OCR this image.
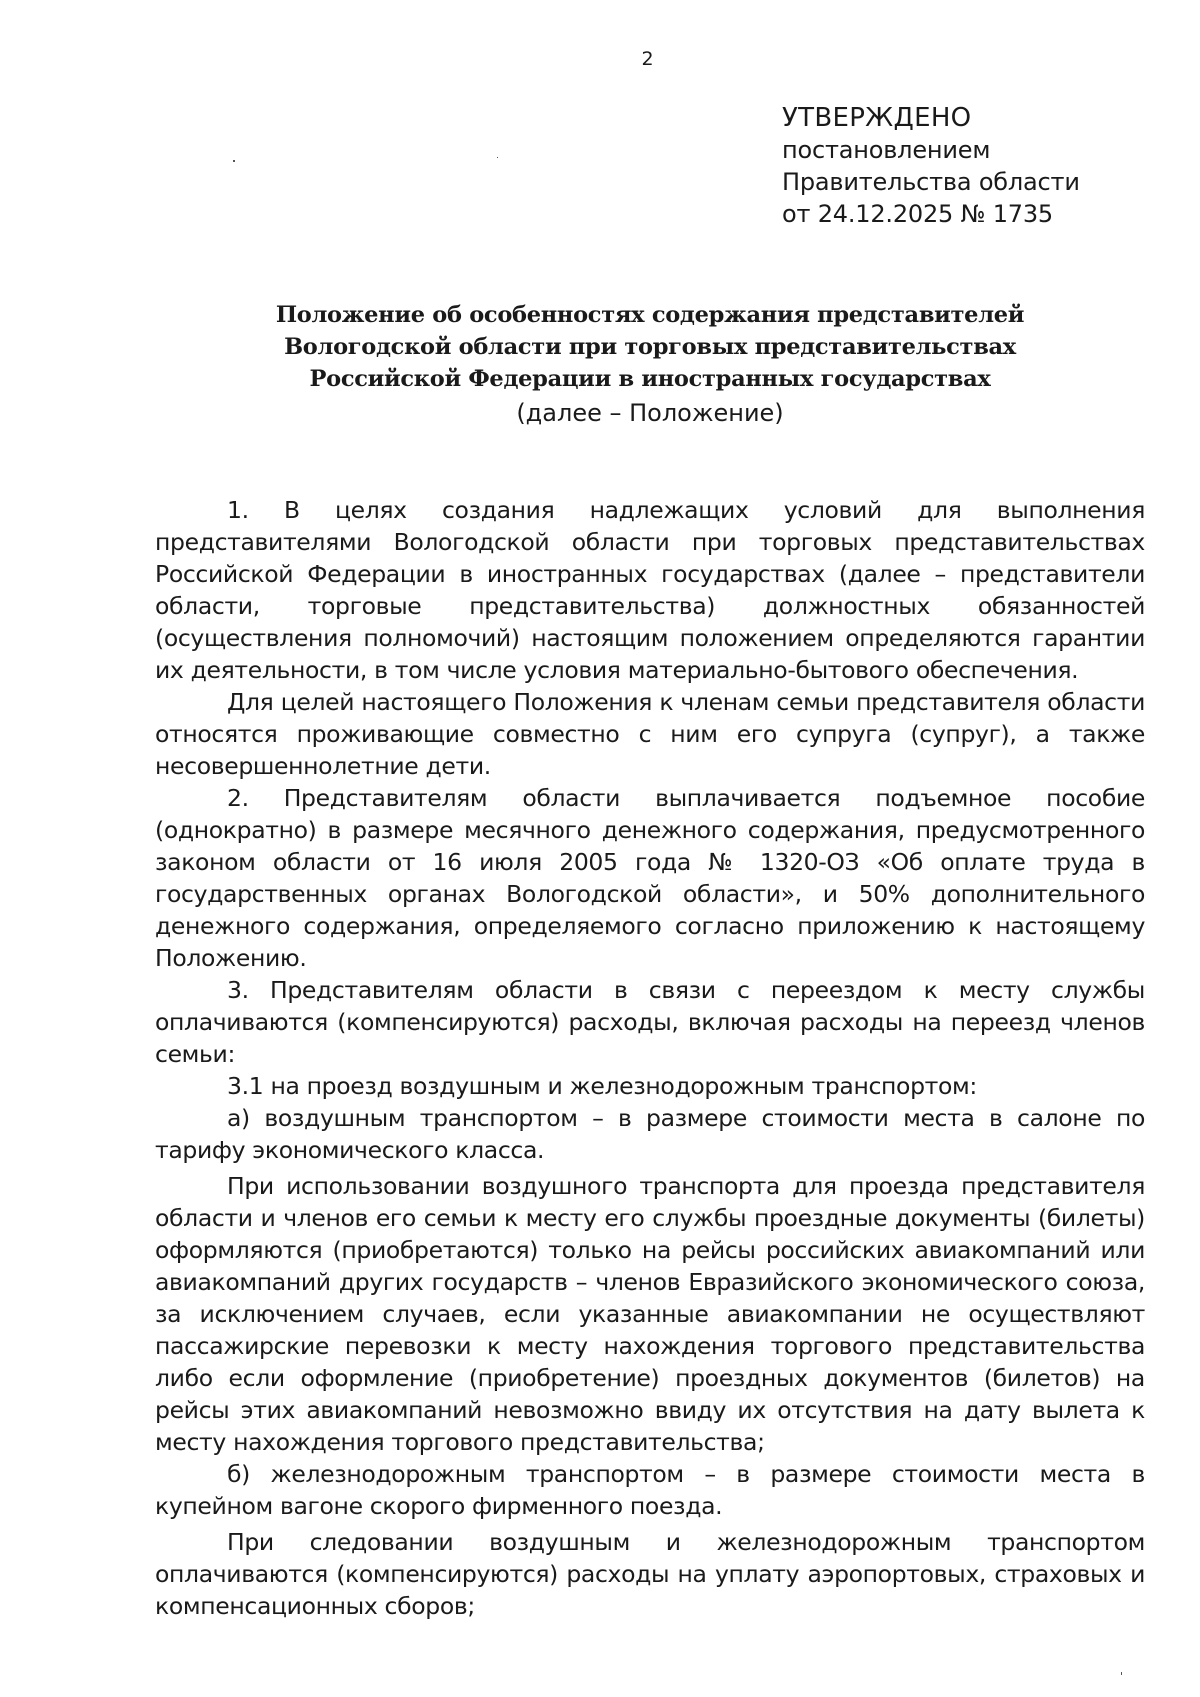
2
УТВЕРЖДЕНО
постановлением
Правительства области
от 24.12.2025 № 1735
Положение об особенностях содержания представителей
Вологодской области при торговых представительствах
Российской Федерации в иностранных государствах
(далее – Положение)

1. В целях создания надлежащих условий для выполнения представителями Вологодской области при торговых представительствах Российской Федерации в иностранных государствах (далее – представители области, торговые представительства) должностных обязанностей (осуществления полномочий) настоящим положением определяются гарантии их деятельности, в том числе условия материально-бытового обеспечения.

Для целей настоящего Положения к членам семьи представителя области относятся проживающие совместно с ним его супруга (супруг), а также несовершеннолетние дети.

2. Представителям области выплачивается подъемное пособие (однократно) в размере месячного денежного содержания, предусмотренного законом области от 16 июля 2005 года № 1320-ОЗ «Об оплате труда в государственных органах Вологодской области», и 50% дополнительного денежного содержания, определяемого согласно приложению к настоящему Положению.

3. Представителям области в связи с переездом к месту службы оплачиваются (компенсируются) расходы, включая расходы на переезд членов семьи:

3.1 на проезд воздушным и железнодорожным транспортом:

а) воздушным транспортом – в размере стоимости места в салоне по тарифу экономического класса.

При использовании воздушного транспорта для проезда представителя области и членов его семьи к месту его службы проездные документы (билеты) оформляются (приобретаются) только на рейсы российских авиакомпаний или авиакомпаний других государств – членов Евразийского экономического союза, за исключением случаев, если указанные авиакомпании не осуществляют пассажирские перевозки к месту нахождения торгового представительства либо если оформление (приобретение) проездных документов (билетов) на рейсы этих авиакомпаний невозможно ввиду их отсутствия на дату вылета к месту нахождения торгового представительства;

б) железнодорожным транспортом – в размере стоимости места в купейном вагоне скорого фирменного поезда.

При следовании воздушным и железнодорожным транспортом оплачиваются (компенсируются) расходы на уплату аэропортовых, страховых и компенсационных сборов;
